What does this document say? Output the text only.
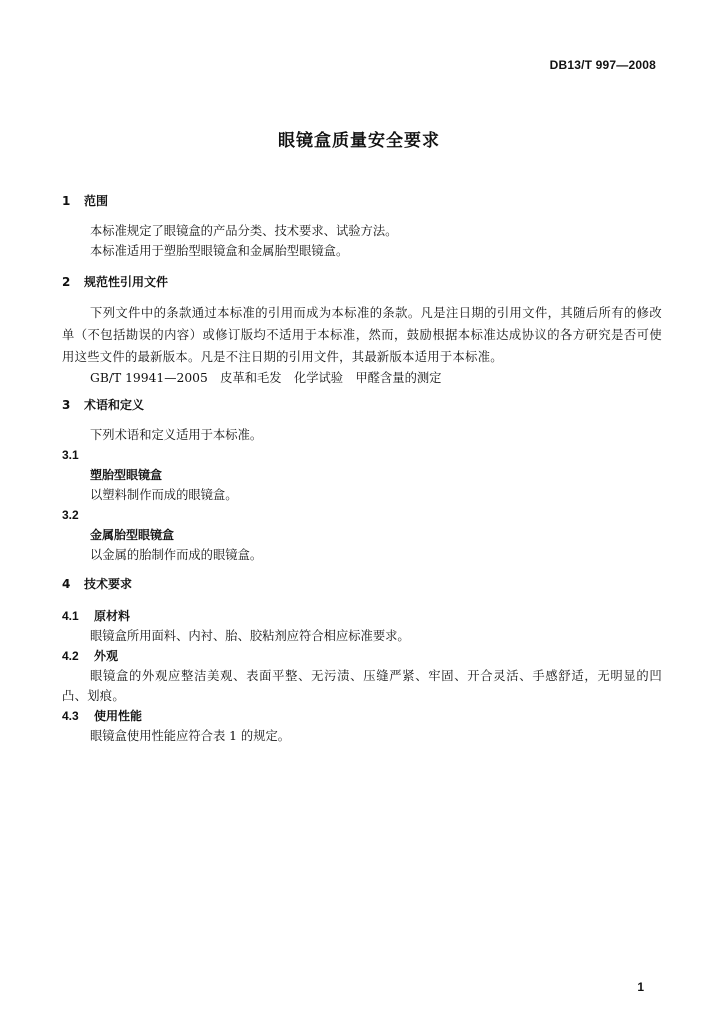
DB13/T 997—2008
眼镜盒质量安全要求
1 范围
本标准规定了眼镜盒的产品分类、技术要求、试验方法。
本标准适用于塑胎型眼镜盒和金属胎型眼镜盒。
2 规范性引用文件
下列文件中的条款通过本标准的引用而成为本标准的条款。凡是注日期的引用文件，其随后所有的修改单（不包括勘误的内容）或修订版均不适用于本标准，然而，鼓励根据本标准达成协议的各方研究是否可使用这些文件的最新版本。凡是不注日期的引用文件，其最新版本适用于本标准。
GB/T 19941—2005　皮革和毛发　化学试验　甲醛含量的测定
3 术语和定义
下列术语和定义适用于本标准。
3.1
塑胎型眼镜盒
以塑料制作而成的眼镜盒。
3.2
金属胎型眼镜盒
以金属的胎制作而成的眼镜盒。
4 技术要求
4.1 原材料
眼镜盒所用面料、内衬、胎、胶粘剂应符合相应标准要求。
4.2 外观
眼镜盒的外观应整洁美观、表面平整、无污渍、压缝严紧、牢固、开合灵活、手感舒适，无明显的凹凸、划痕。
4.3 使用性能
眼镜盒使用性能应符合表 1 的规定。
1
